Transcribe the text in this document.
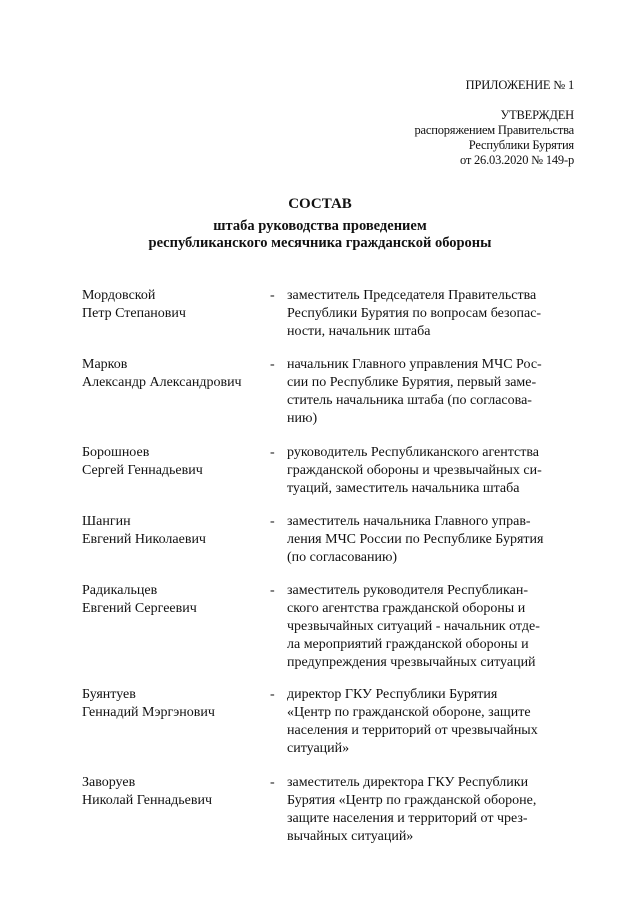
ПРИЛОЖЕНИЕ № 1
УТВЕРЖДЕН
распоряжением Правительства
Республики Бурятия
от 26.03.2020 № 149-р
СОСТАВ
штаба руководства проведением
республиканского месячника гражданской обороны
Мордовской
Петр Степанович
- заместитель Председателя Правительства
Республики Бурятия по вопросам безопас-
ности, начальник штаба
Марков
Александр Александрович
- начальник Главного управления МЧС Рос-
сии по Республике Бурятия, первый заме-
ститель начальника штаба (по согласова-
нию)
Борошноев
Сергей Геннадьевич
- руководитель Республиканского агентства
гражданской обороны и чрезвычайных си-
туаций, заместитель начальника штаба
Шангин
Евгений Николаевич
- заместитель начальника Главного управ-
ления МЧС России по Республике Бурятия
(по согласованию)
Радикальцев
Евгений Сергеевич
- заместитель руководителя Республикан-
ского агентства гражданской обороны и
чрезвычайных ситуаций - начальник отде-
ла мероприятий гражданской обороны и
предупреждения чрезвычайных ситуаций
Буянтуев
Геннадий Мэргэнович
- директор ГКУ Республики Бурятия
«Центр по гражданской обороне, защите
населения и территорий от чрезвычайных
ситуаций»
Заворуев
Николай Геннадьевич
- заместитель директора ГКУ Республики
Бурятия «Центр по гражданской обороне,
защите населения и территорий от чрез-
вычайных ситуаций»
